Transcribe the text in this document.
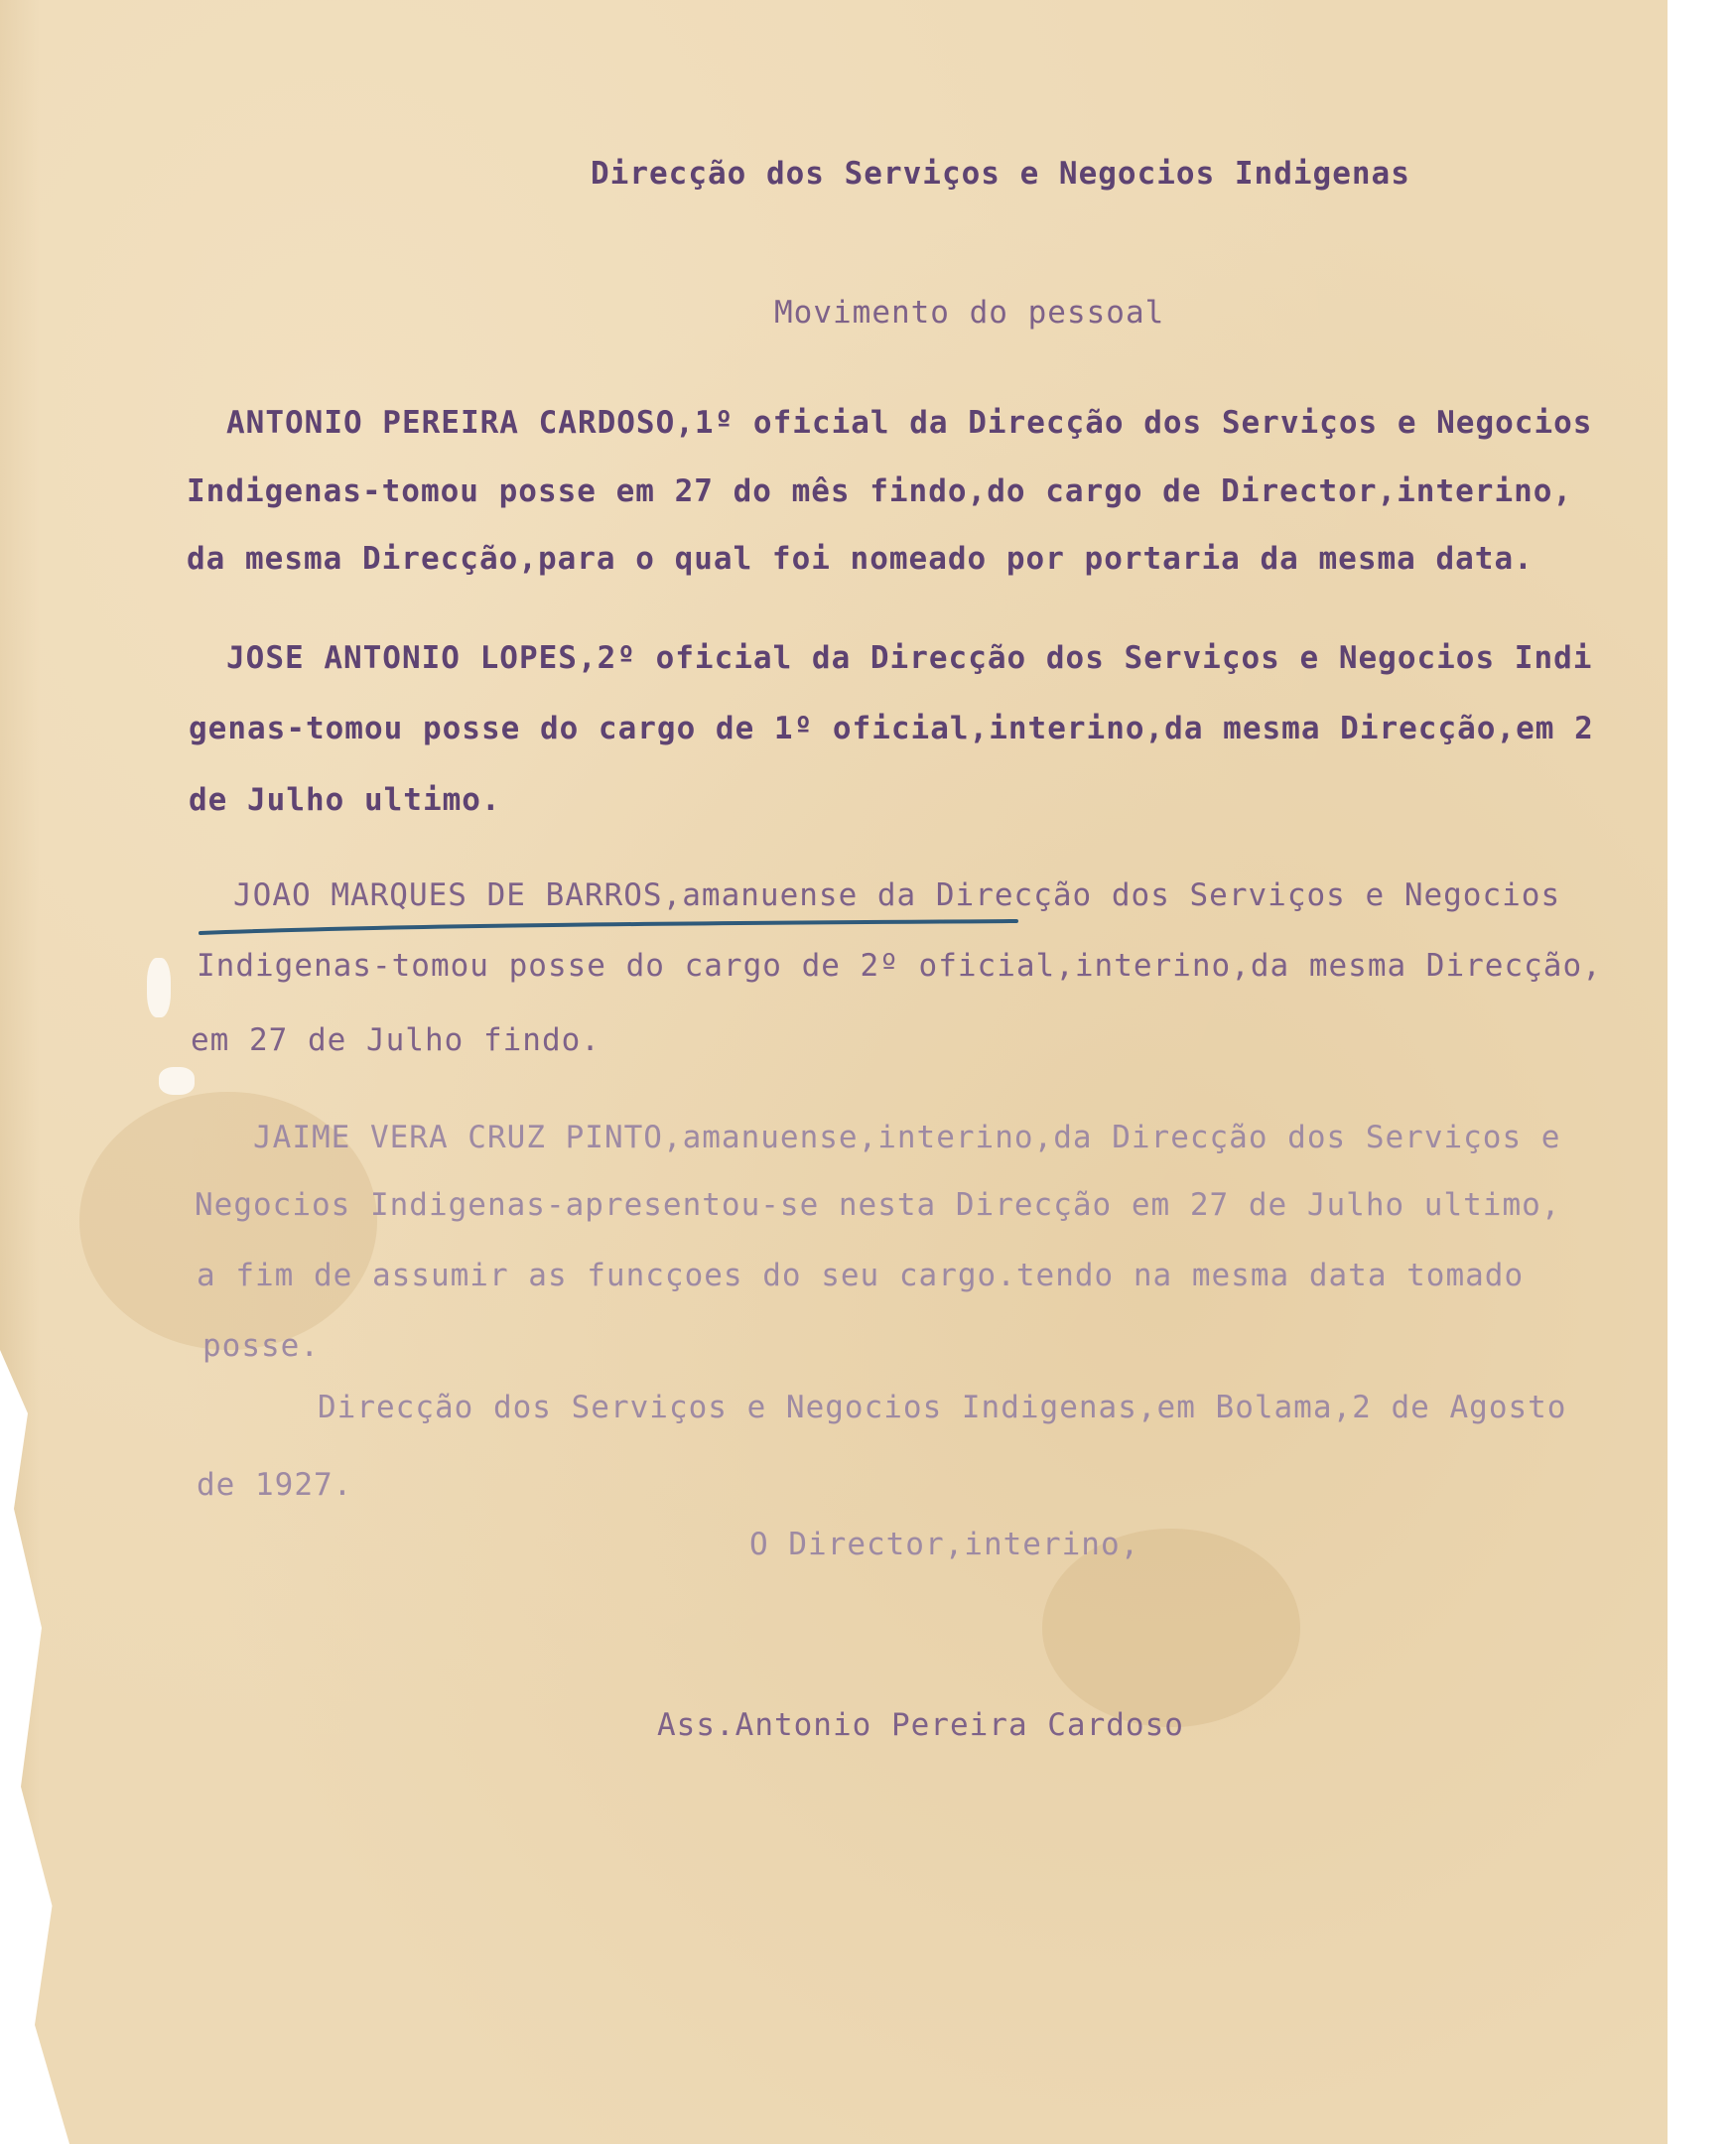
Direcção dos Serviços e Negocios Indigenas
Movimento do pessoal
ANTONIO PEREIRA CARDOSO,1º oficial da Direcção dos Serviços e Negocios
Indigenas-tomou posse em 27 do mês findo,do cargo de Director,interino,
da mesma Direcção,para o qual foi nomeado por portaria da mesma data.
JOSE ANTONIO LOPES,2º oficial da Direcção dos Serviços e Negocios Indi
genas-tomou posse do cargo de 1º oficial,interino,da mesma Direcção,em 2
de Julho ultimo.
JOAO MARQUES DE BARROS,amanuense da Direcção dos Serviços e Negocios
Indigenas-tomou posse do cargo de 2º oficial,interino,da mesma Direcção,
em 27 de Julho findo.
JAIME VERA CRUZ PINTO,amanuense,interino,da Direcção dos Serviços e
Negocios Indigenas-apresentou-se nesta Direcção em 27 de Julho ultimo,
a fim de assumir as funcçoes do seu cargo.tendo na mesma data tomado
posse.
Direcção dos Serviços e Negocios Indigenas,em Bolama,2 de Agosto
de 1927.
O Director,interino,
Ass.Antonio Pereira Cardoso
